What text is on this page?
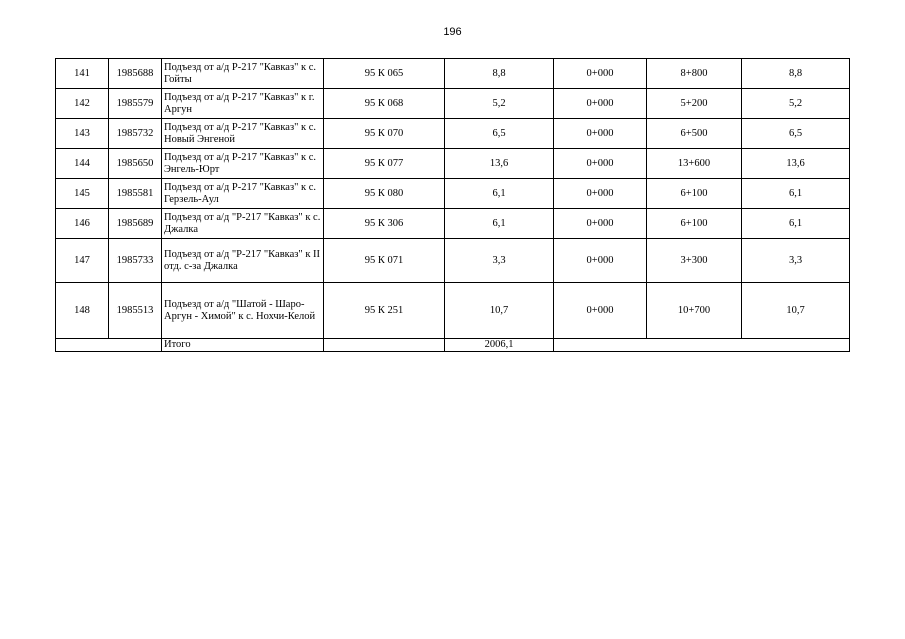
196
141	1985688	Подъезд от а/д Р-217 "Кавказ" к с. Гойты	95 К 065	8,8	0+000	8+800	8,8
142	1985579	Подъезд от а/д Р-217 "Кавказ" к г. Аргун	95 К 068	5,2	0+000	5+200	5,2
143	1985732	Подъезд от а/д Р-217 "Кавказ" к с. Новый Энгеной	95 К 070	6,5	0+000	6+500	6,5
144	1985650	Подъезд от а/д Р-217 "Кавказ" к с. Энгель-Юрт	95 К 077	13,6	0+000	13+600	13,6
145	1985581	Подъезд от а/д Р-217 "Кавказ" к с. Герзель-Аул	95 К 080	6,1	0+000	6+100	6,1
146	1985689	Подъезд от а/д "Р-217 "Кавказ" к с. Джалка	95 К 306	6,1	0+000	6+100	6,1
147	1985733	Подъезд от а/д "Р-217 "Кавказ" к II отд. с-за Джалка	95 К 071	3,3	0+000	3+300	3,3
148	1985513	Подъезд от а/д "Шатой - Шаро-Аргун - Химой" к с. Нохчи-Келой	95 К 251	10,7	0+000	10+700	10,7
		Итого		2006,1			
